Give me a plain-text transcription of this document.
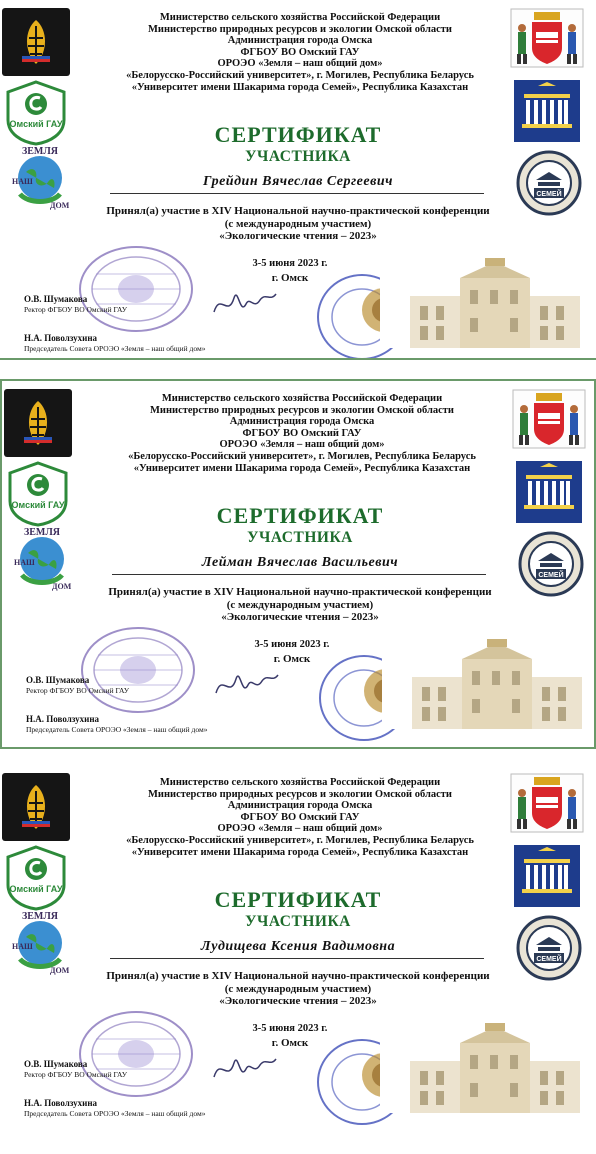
Омский ГАУ
ЗЕМЛЯ
НАШ
ДОМ
СЕМЕЙ
Министерство сельского хозяйства Российской Федерации
Министерство природных ресурсов и экологии Омской области
Администрация города Омска
ФГБОУ ВО Омский ГАУ
ОРОЭО «Земля – наш общий дом»
«Белорусско-Российский университет», г. Могилев, Республика Беларусь
«Университет имени Шакарима города Семей», Республика Казахстан
СЕРТИФИКАТ
УЧАСТНИКА
Грейдин Вячеслав Сергеевич
Принял(а) участие в XIV Национальной научно-практической конференции
(с международным участием)
«Экологические чтения – 2023»
3-5 июня 2023 г.
г. Омск
О.В. Шумакова
Ректор ФГБОУ ВО Омский ГАУ
Н.А. Поволзухина
Председатель Совета ОРОЭО «Земля – наш общий дом»
Омский ГАУ
ЗЕМЛЯ
НАШ
ДОМ
СЕМЕЙ
Министерство сельского хозяйства Российской Федерации
Министерство природных ресурсов и экологии Омской области
Администрация города Омска
ФГБОУ ВО Омский ГАУ
ОРОЭО «Земля – наш общий дом»
«Белорусско-Российский университет», г. Могилев, Республика Беларусь
«Университет имени Шакарима города Семей», Республика Казахстан
СЕРТИФИКАТ
УЧАСТНИКА
Лейман Вячеслав Васильевич
Принял(а) участие в XIV Национальной научно-практической конференции
(с международным участием)
«Экологические чтения – 2023»
3-5 июня 2023 г.
г. Омск
О.В. Шумакова
Ректор ФГБОУ ВО Омский ГАУ
Н.А. Поволзухина
Председатель Совета ОРОЭО «Земля – наш общий дом»
Омский ГАУ
ЗЕМЛЯ
НАШ
ДОМ
СЕМЕЙ
Министерство сельского хозяйства Российской Федерации
Министерство природных ресурсов и экологии Омской области
Администрация города Омска
ФГБОУ ВО Омский ГАУ
ОРОЭО «Земля – наш общий дом»
«Белорусско-Российский университет», г. Могилев, Республика Беларусь
«Университет имени Шакарима города Семей», Республика Казахстан
СЕРТИФИКАТ
УЧАСТНИКА
Лудищева Ксения Вадимовна
Принял(а) участие в XIV Национальной научно-практической конференции
(с международным участием)
«Экологические чтения – 2023»
3-5 июня 2023 г.
г. Омск
О.В. Шумакова
Ректор ФГБОУ ВО Омский ГАУ
Н.А. Поволзухина
Председатель Совета ОРОЭО «Земля – наш общий дом»
